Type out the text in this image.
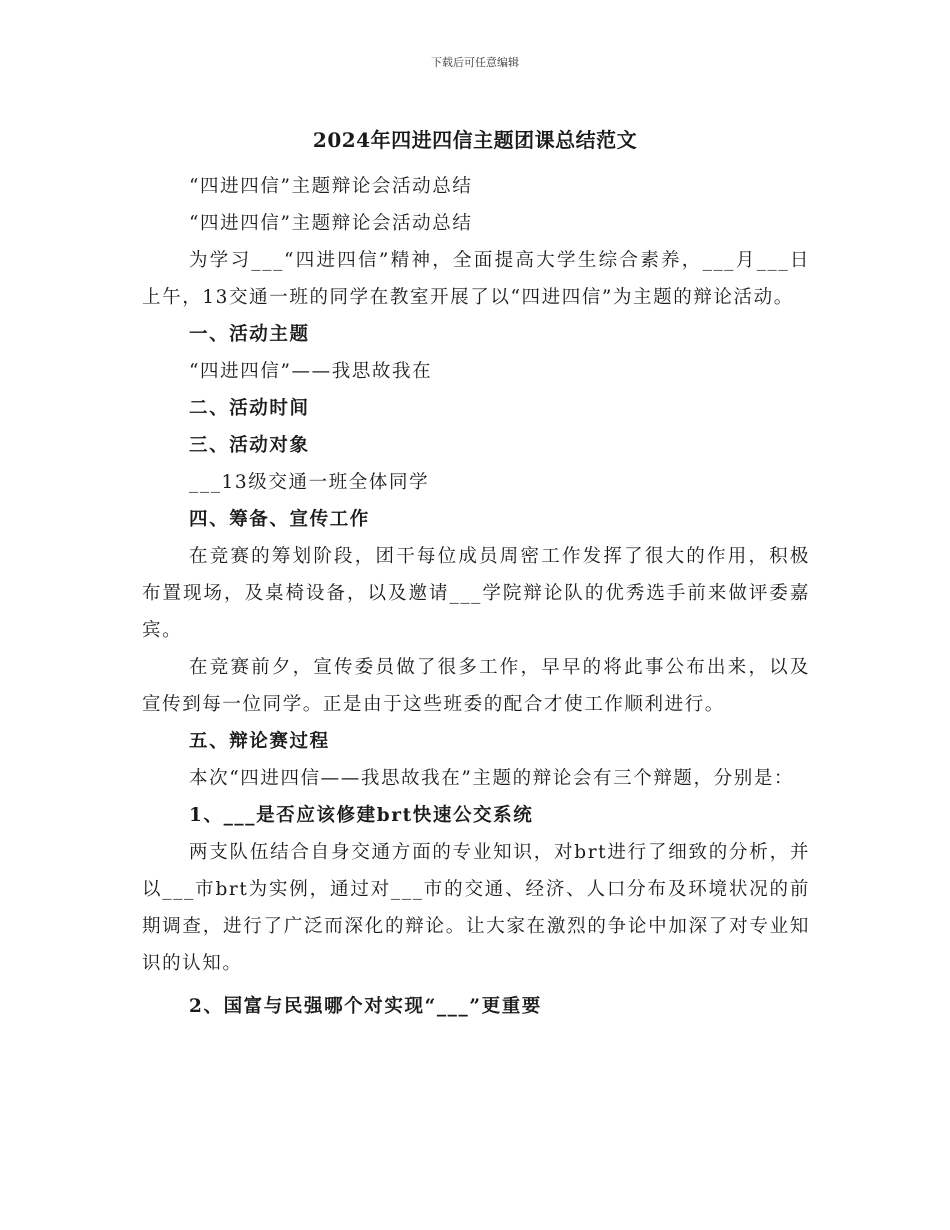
下载后可任意编辑
2024年四进四信主题团课总结范文

“四进四信”主题辩论会活动总结

“四进四信”主题辩论会活动总结

为学习___“四进四信”精神，全面提高大学生综合素养，___月___日上午，13交通一班的同学在教室开展了以“四进四信”为主题的辩论活动。

一、活动主题

“四进四信”——我思故我在

二、活动时间

三、活动对象

___13级交通一班全体同学

四、筹备、宣传工作

在竞赛的筹划阶段，团干每位成员周密工作发挥了很大的作用，积极布置现场，及桌椅设备，以及邀请___学院辩论队的优秀选手前来做评委嘉宾。

在竞赛前夕，宣传委员做了很多工作，早早的将此事公布出来，以及宣传到每一位同学。正是由于这些班委的配合才使工作顺利进行。

五、辩论赛过程

本次“四进四信——我思故我在”主题的辩论会有三个辩题，分别是：

1、___是否应该修建brt快速公交系统

两支队伍结合自身交通方面的专业知识，对brt进行了细致的分析，并以___市brt为实例，通过对___市的交通、经济、人口分布及环境状况的前期调查，进行了广泛而深化的辩论。让大家在激烈的争论中加深了对专业知识的认知。

2、国富与民强哪个对实现“___”更重要
